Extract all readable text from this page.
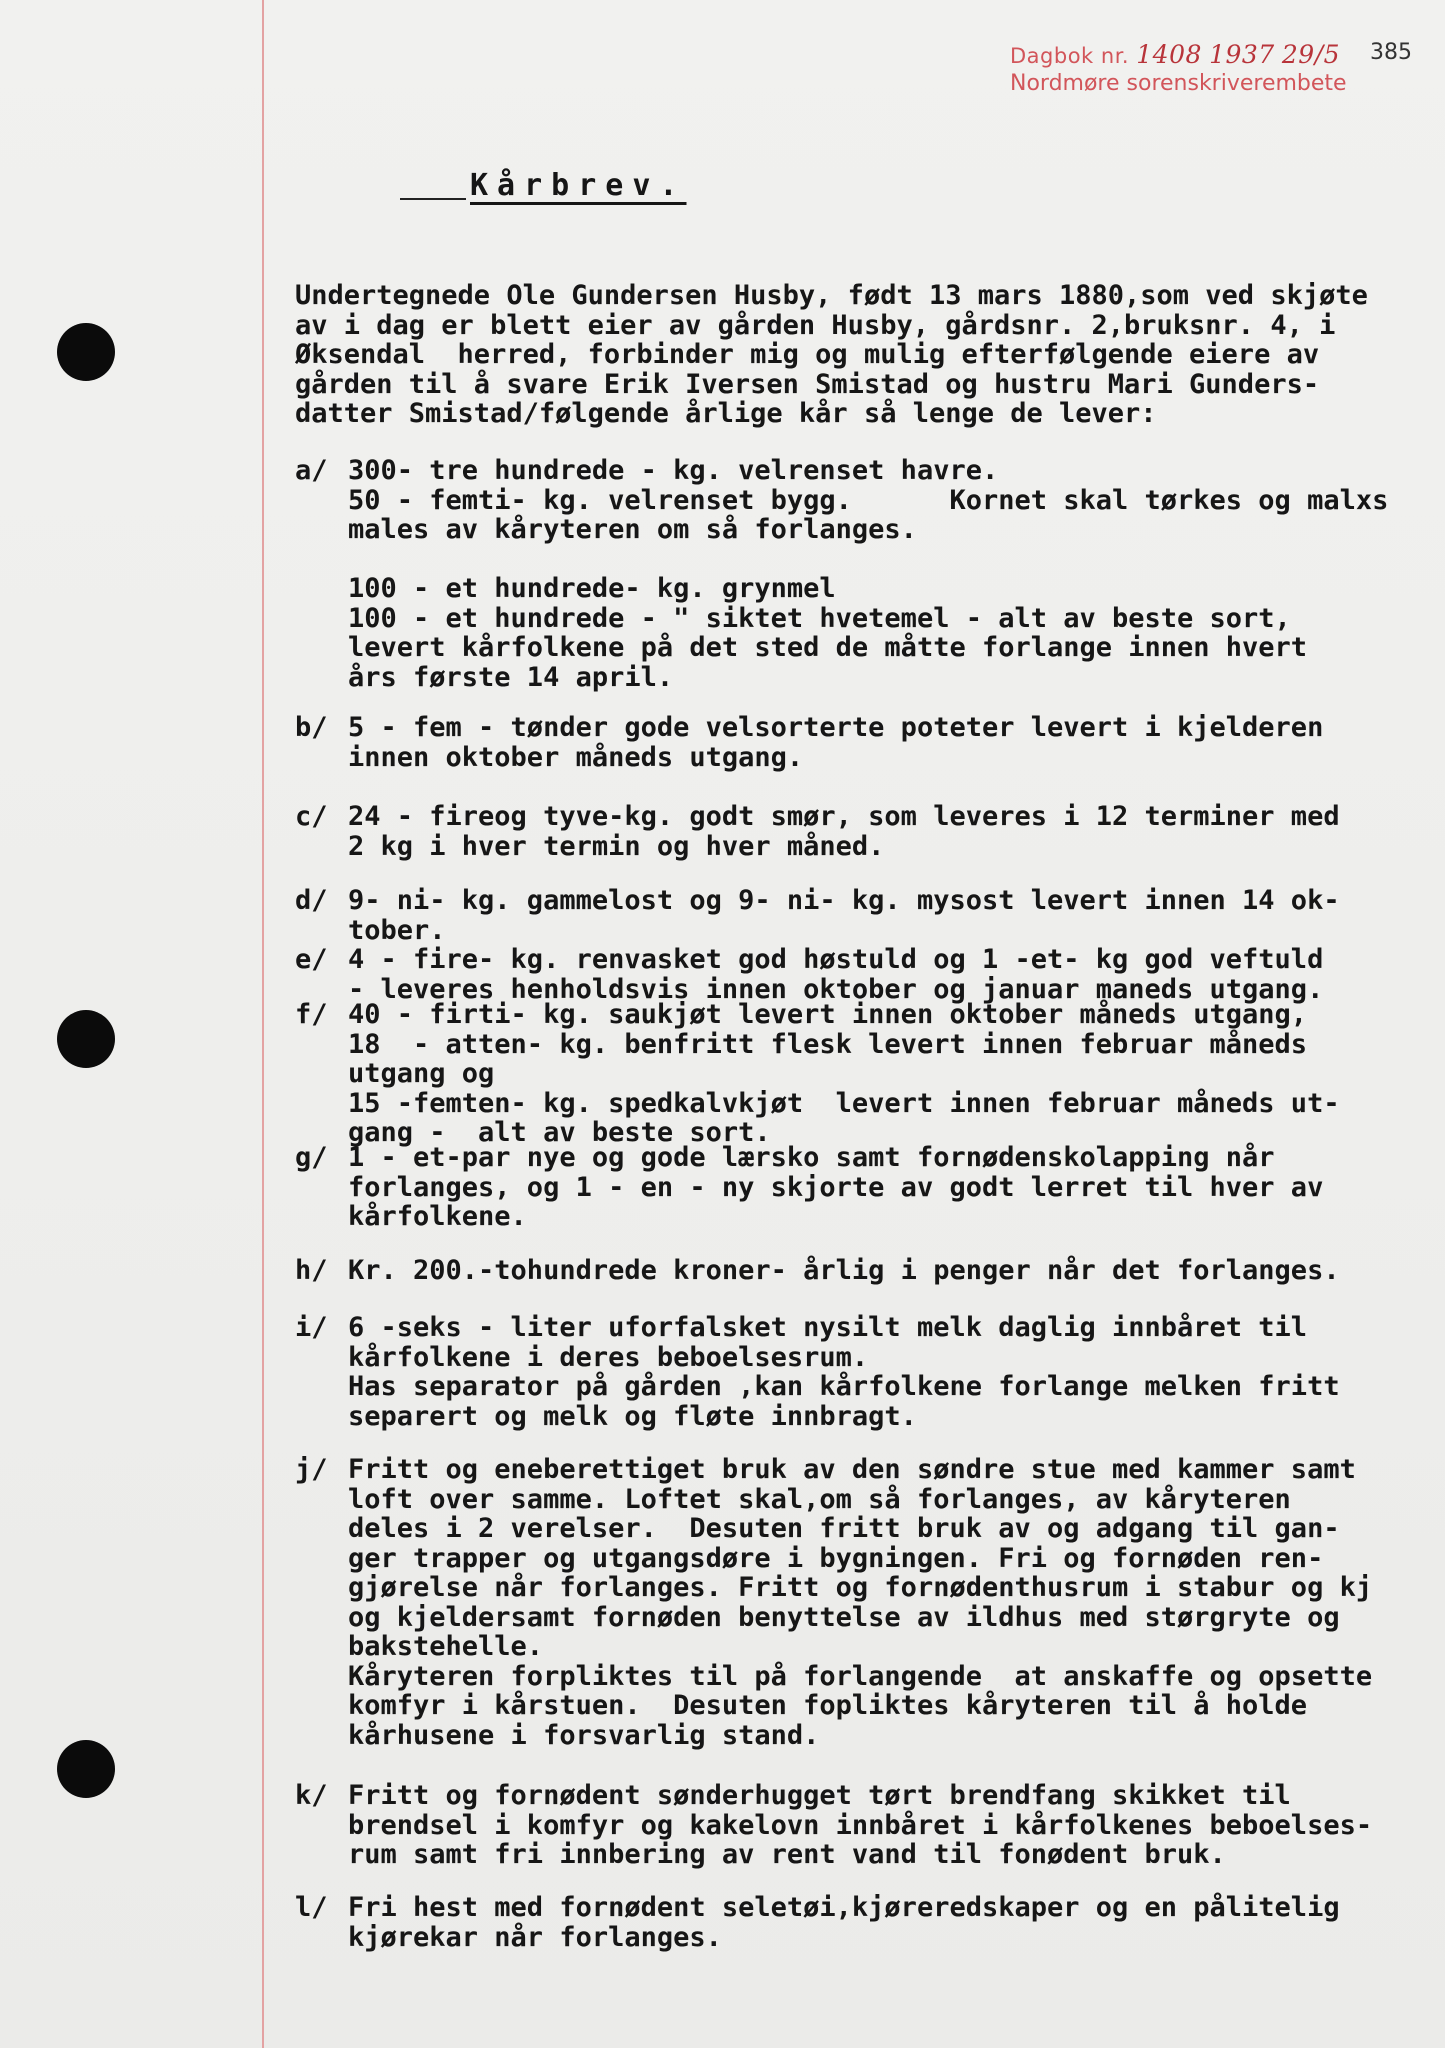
Dagbok nr. 1408 1937 29/5
Nordmøre sorenskriverembete
385
Kårbrev.
Undertegnede Ole Gundersen Husby, født 13 mars 1880,som ved skjøte
av i dag er blett eier av gården Husby, gårdsnr. 2,bruksnr. 4, i
Øksendal  herred, forbinder mig og mulig efterfølgende eiere av
gården til å svare Erik Iversen Smistad og hustru Mari Gunders-
datter Smistad/følgende årlige kår så lenge de lever:
a/ 300- tre hundrede - kg. velrenset havre.
50 - femti- kg. velrenset bygg.      Kornet skal tørkes og malxs
males av kåryteren om så forlanges.

100 - et hundrede- kg. grynmel
100 - et hundrede - " siktet hvetemel - alt av beste sort,
levert kårfolkene på det sted de måtte forlange innen hvert
års første 14 april.
b/ 5 - fem - tønder gode velsorterte poteter levert i kjelderen
innen oktober måneds utgang.
c/ 24 - fireog tyve-kg. godt smør, som leveres i 12 terminer med
2 kg i hver termin og hver måned.
d/ 9- ni- kg. gammelost og 9- ni- kg. mysost levert innen 14 ok-
tober.
e/ 4 - fire- kg. renvasket god høstuld og 1 -et- kg god veftuld
- leveres henholdsvis innen oktober og januar maneds utgang.
f/ 40 - firti- kg. saukjøt levert innen oktober måneds utgang,
18  - atten- kg. benfritt flesk levert innen februar måneds
utgang og
15 -femten- kg. spedkalvkjøt  levert innen februar måneds ut-
gang -  alt av beste sort.
g/ 1 - et-par nye og gode lærsko samt fornødenskolapping når
forlanges, og 1 - en - ny skjorte av godt lerret til hver av
kårfolkene.
h/ Kr. 200.-tohundrede kroner- årlig i penger når det forlanges.
i/ 6 -seks - liter uforfalsket nysilt melk daglig innbåret til
kårfolkene i deres beboelsesrum.
Has separator på gården ,kan kårfolkene forlange melken fritt
separert og melk og fløte innbragt.
j/ Fritt og eneberettiget bruk av den søndre stue med kammer samt
loft over samme. Loftet skal,om så forlanges, av kåryteren
deles i 2 verelser.  Desuten fritt bruk av og adgang til gan-
ger trapper og utgangsdøre i bygningen. Fri og fornøden ren-
gjørelse når forlanges. Fritt og fornødenthusrum i stabur og kj
og kjeldersamt fornøden benyttelse av ildhus med størgryte og
bakstehelle.
Kåryteren forpliktes til på forlangende  at anskaffe og opsette
komfyr i kårstuen.  Desuten fopliktes kåryteren til å holde
kårhusene i forsvarlig stand.
k/ Fritt og fornødent sønderhugget tørt brendfang skikket til
brendsel i komfyr og kakelovn innbåret i kårfolkenes beboelses-
rum samt fri innbering av rent vand til fonødent bruk.
l/ Fri hest med fornødent seletøi,kjøreredskaper og en pålitelig
kjørekar når forlanges.
